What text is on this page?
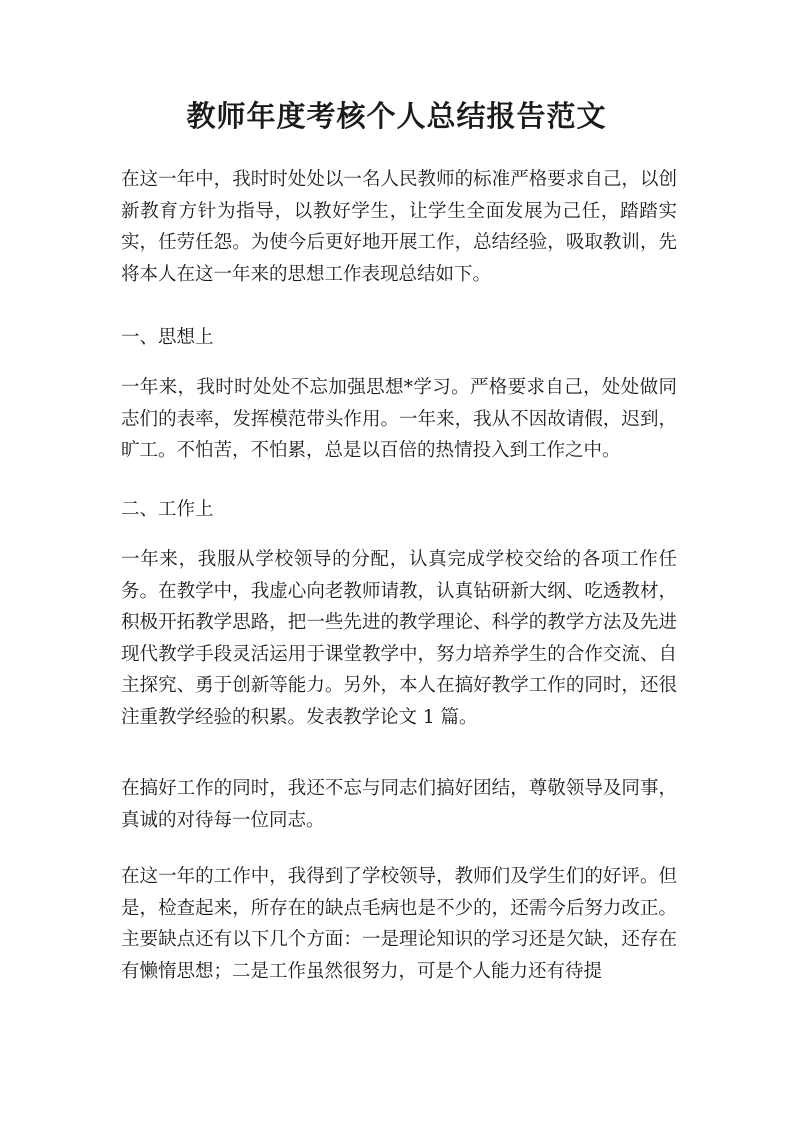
教师年度考核个人总结报告范文

在这一年中，我时时处处以一名人民教师的标准严格要求自己，以创新教育方针为指导，以教好学生，让学生全面发展为己任，踏踏实实，任劳任怨。为使今后更好地开展工作，总结经验，吸取教训，先将本人在这一年来的思想工作表现总结如下。

一、思想上

一年来，我时时处处不忘加强思想*学习。严格要求自己，处处做同志们的表率，发挥模范带头作用。一年来，我从不因故请假，迟到，旷工。不怕苦，不怕累，总是以百倍的热情投入到工作之中。

二、工作上

一年来，我服从学校领导的分配，认真完成学校交给的各项工作任务。在教学中，我虚心向老教师请教，认真钻研新大纲、吃透教材，积极开拓教学思路，把一些先进的教学理论、科学的教学方法及先进现代教学手段灵活运用于课堂教学中，努力培养学生的合作交流、自主探究、勇于创新等能力。另外，本人在搞好教学工作的同时，还很注重教学经验的积累。发表教学论文 1 篇。

在搞好工作的同时，我还不忘与同志们搞好团结，尊敬领导及同事，真诚的对待每一位同志。

在这一年的工作中，我得到了学校领导，教师们及学生们的好评。但是，检查起来，所存在的缺点毛病也是不少的，还需今后努力改正。主要缺点还有以下几个方面：一是理论知识的学习还是欠缺，还存在有懒惰思想；二是工作虽然很努力，可是个人能力还有待提
